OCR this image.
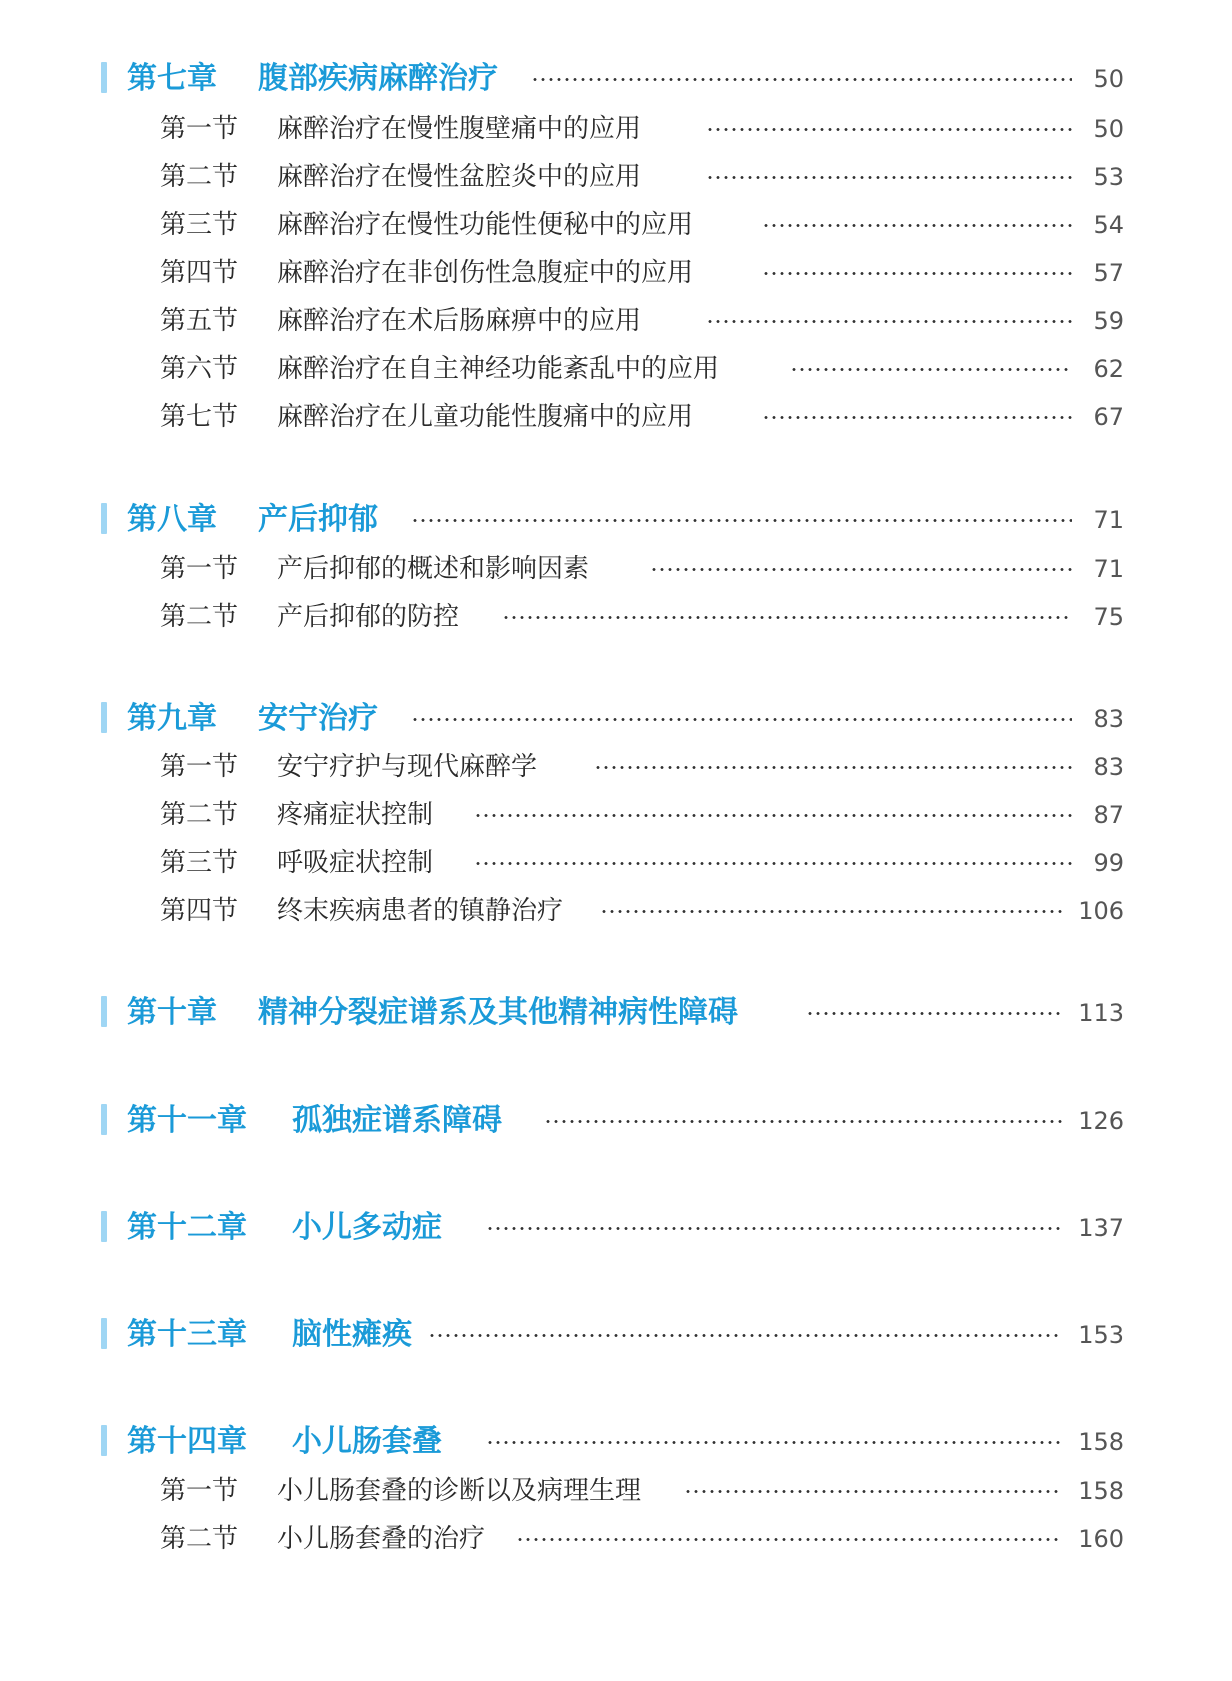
第七章 腹部疾病麻醉治疗	50
第一节 麻醉治疗在慢性腹壁痛中的应用	50
第二节 麻醉治疗在慢性盆腔炎中的应用	53
第三节 麻醉治疗在慢性功能性便秘中的应用	54
第四节 麻醉治疗在非创伤性急腹症中的应用	57
第五节 麻醉治疗在术后肠麻痹中的应用	59
第六节 麻醉治疗在自主神经功能紊乱中的应用	62
第七节 麻醉治疗在儿童功能性腹痛中的应用	67
第八章 产后抑郁	71
第一节 产后抑郁的概述和影响因素	71
第二节 产后抑郁的防控	75
第九章 安宁治疗	83
第一节 安宁疗护与现代麻醉学	83
第二节 疼痛症状控制	87
第三节 呼吸症状控制	99
第四节 终末疾病患者的镇静治疗	106
第十章 精神分裂症谱系及其他精神病性障碍	113
第十一章 孤独症谱系障碍	126
第十二章 小儿多动症	137
第十三章 脑性瘫痪	153
第十四章 小儿肠套叠	158
第一节 小儿肠套叠的诊断以及病理生理	158
第二节 小儿肠套叠的治疗	160
